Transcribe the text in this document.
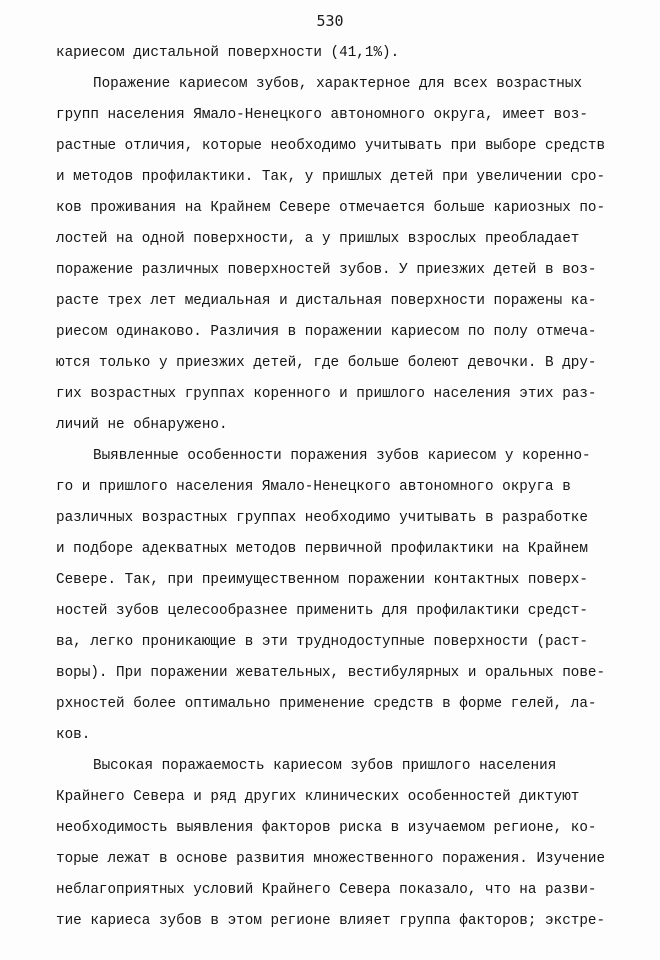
530
кариесом дистальной поверхности (41,1%).
Поражение кариесом зубов, характерное для всех возрастных
групп населения Ямало-Ненецкого автономного округа, имеет воз-
растные отличия, которые необходимо учитывать при выборе средств
и методов профилактики. Так, у пришлых детей при увеличении сро-
ков проживания на Крайнем Севере отмечается больше кариозных по-
лостей на одной поверхности, а у пришлых взрослых преобладает
поражение различных поверхностей зубов. У приезжих детей в воз-
расте трех лет медиальная и дистальная поверхности поражены ка-
риесом одинаково. Различия в поражении кариесом по полу отмеча-
ются только у приезжих детей, где больше болеют девочки. В дру-
гих возрастных группах коренного и пришлого населения этих раз-
личий не обнаружено.
Выявленные особенности поражения зубов кариесом у коренно-
го и пришлого населения Ямало-Ненецкого автономного округа в
различных возрастных группах необходимо учитывать в разработке
и подборе адекватных методов первичной профилактики на Крайнем
Севере. Так, при преимущественном поражении контактных поверх-
ностей зубов целесообразнее применить для профилактики средст-
ва, легко проникающие в эти труднодоступные поверхности (раст-
воры). При поражении жевательных, вестибулярных и оральных пове-
рхностей более оптимально применение средств в форме гелей, ла-
ков.
Высокая поражаемость кариесом зубов пришлого населения
Крайнего Севера и ряд других клинических особенностей диктуют
необходимость выявления факторов риска в изучаемом регионе, ко-
торые лежат в основе развития множественного поражения. Изучение
неблагоприятных условий Крайнего Севера показало, что на разви-
тие кариеса зубов в этом регионе влияет группа факторов; экстре-
